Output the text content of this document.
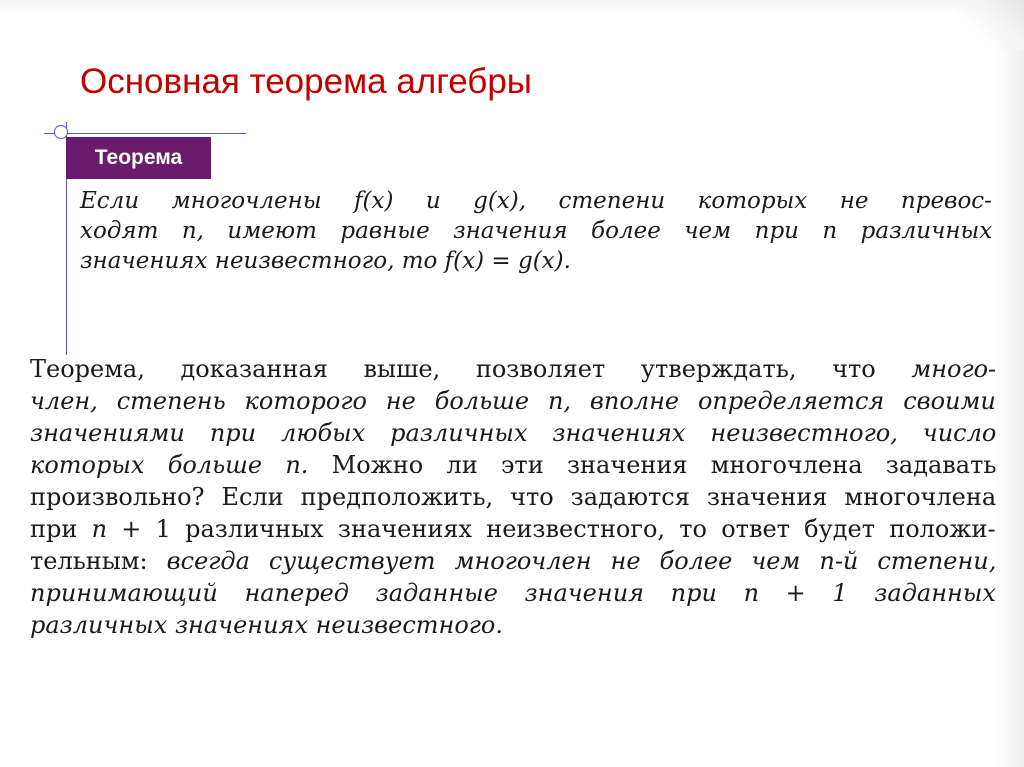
Основная теорема алгебры
Теорема
Если многочлены f(x) и g(x), степени которых не превос-
ходят n, имеют равные значения более чем при n различных
значениях неизвестного, то f(x) = g(x).
Теорема, доказанная выше, позволяет утверждать, что много-
член, степень которого не больше n, вполне определяется своими
значениями при любых различных значениях неизвестного, число
которых больше n. Можно ли эти значения многочлена задавать
произвольно? Если предположить, что задаются значения многочлена
при n + 1 различных значениях неизвестного, то ответ будет положи-
тельным: всегда существует многочлен не более чем n-й степени,
принимающий наперед заданные значения при n + 1 заданных
различных значениях неизвестного.
